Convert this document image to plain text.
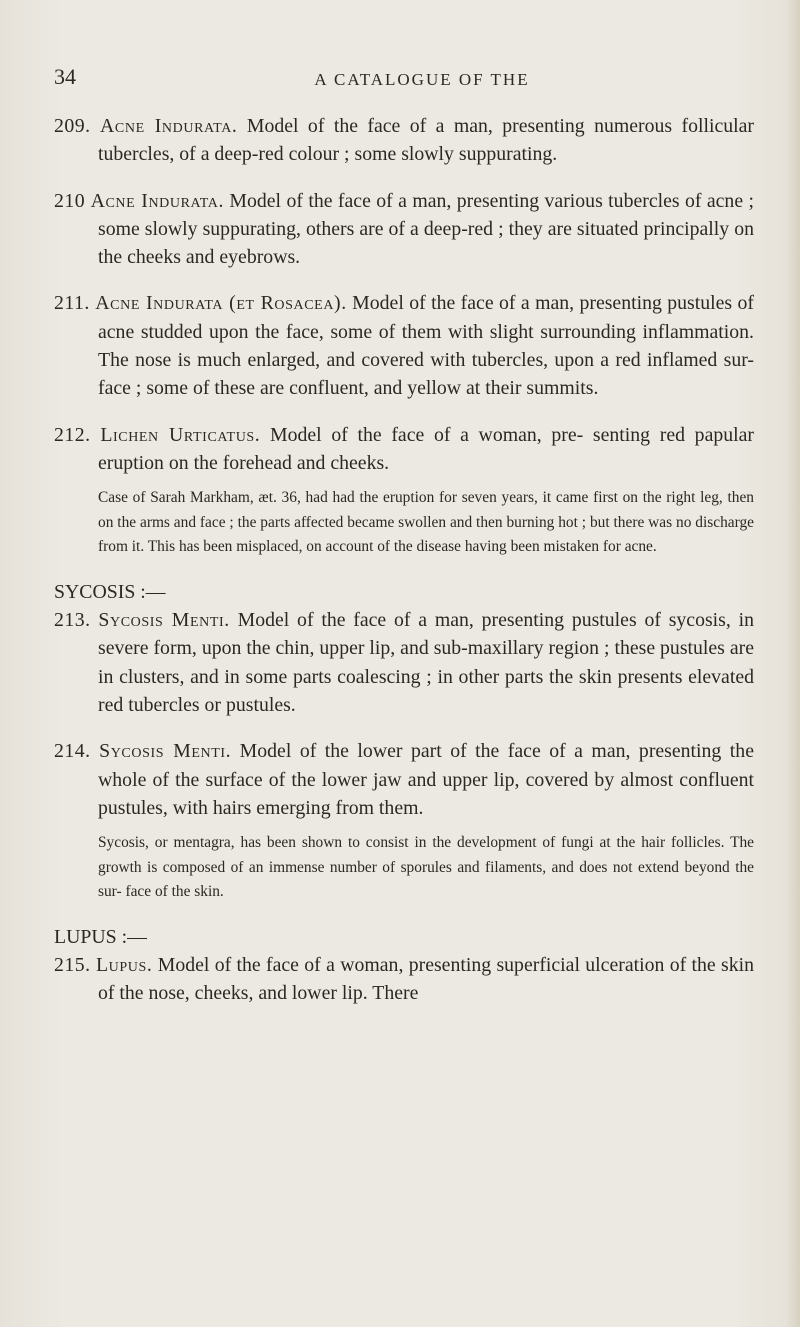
34	A CATALOGUE OF THE

209. Acne Indurata. Model of the face of a man, presenting numerous follicular tubercles, of a deep-red colour ; some slowly suppurating.

210 Acne Indurata. Model of the face of a man, presenting various tubercles of acne ; some slowly suppurating, others are of a deep-red ; they are situated principally on the cheeks and eyebrows.

211. Acne Indurata (et Rosacea). Model of the face of a man, presenting pustules of acne studded upon the face, some of them with slight surrounding inflammation. The nose is much enlarged, and covered with tubercles, upon a red inflamed sur- face ; some of these are confluent, and yellow at their summits.

212. Lichen Urticatus. Model of the face of a woman, pre- senting red papular eruption on the forehead and cheeks.

Case of Sarah Markham, æt. 36, had had the eruption for seven years, it came first on the right leg, then on the arms and face ; the parts affected became swollen and then burning hot ; but there was no discharge from it. This has been misplaced, on account of the disease having been mistaken for acne.

SYCOSIS :—

213. Sycosis Menti. Model of the face of a man, presenting pustules of sycosis, in severe form, upon the chin, upper lip, and sub-maxillary region ; these pustules are in clusters, and in some parts coalescing ; in other parts the skin presents elevated red tubercles or pustules.

214. Sycosis Menti. Model of the lower part of the face of a man, presenting the whole of the surface of the lower jaw and upper lip, covered by almost confluent pustules, with hairs emerging from them.

Sycosis, or mentagra, has been shown to consist in the development of fungi at the hair follicles. The growth is composed of an immense number of sporules and filaments, and does not extend beyond the sur- face of the skin.

LUPUS :—

215. Lupus. Model of the face of a woman, presenting superficial ulceration of the skin of the nose, cheeks, and lower lip. There
